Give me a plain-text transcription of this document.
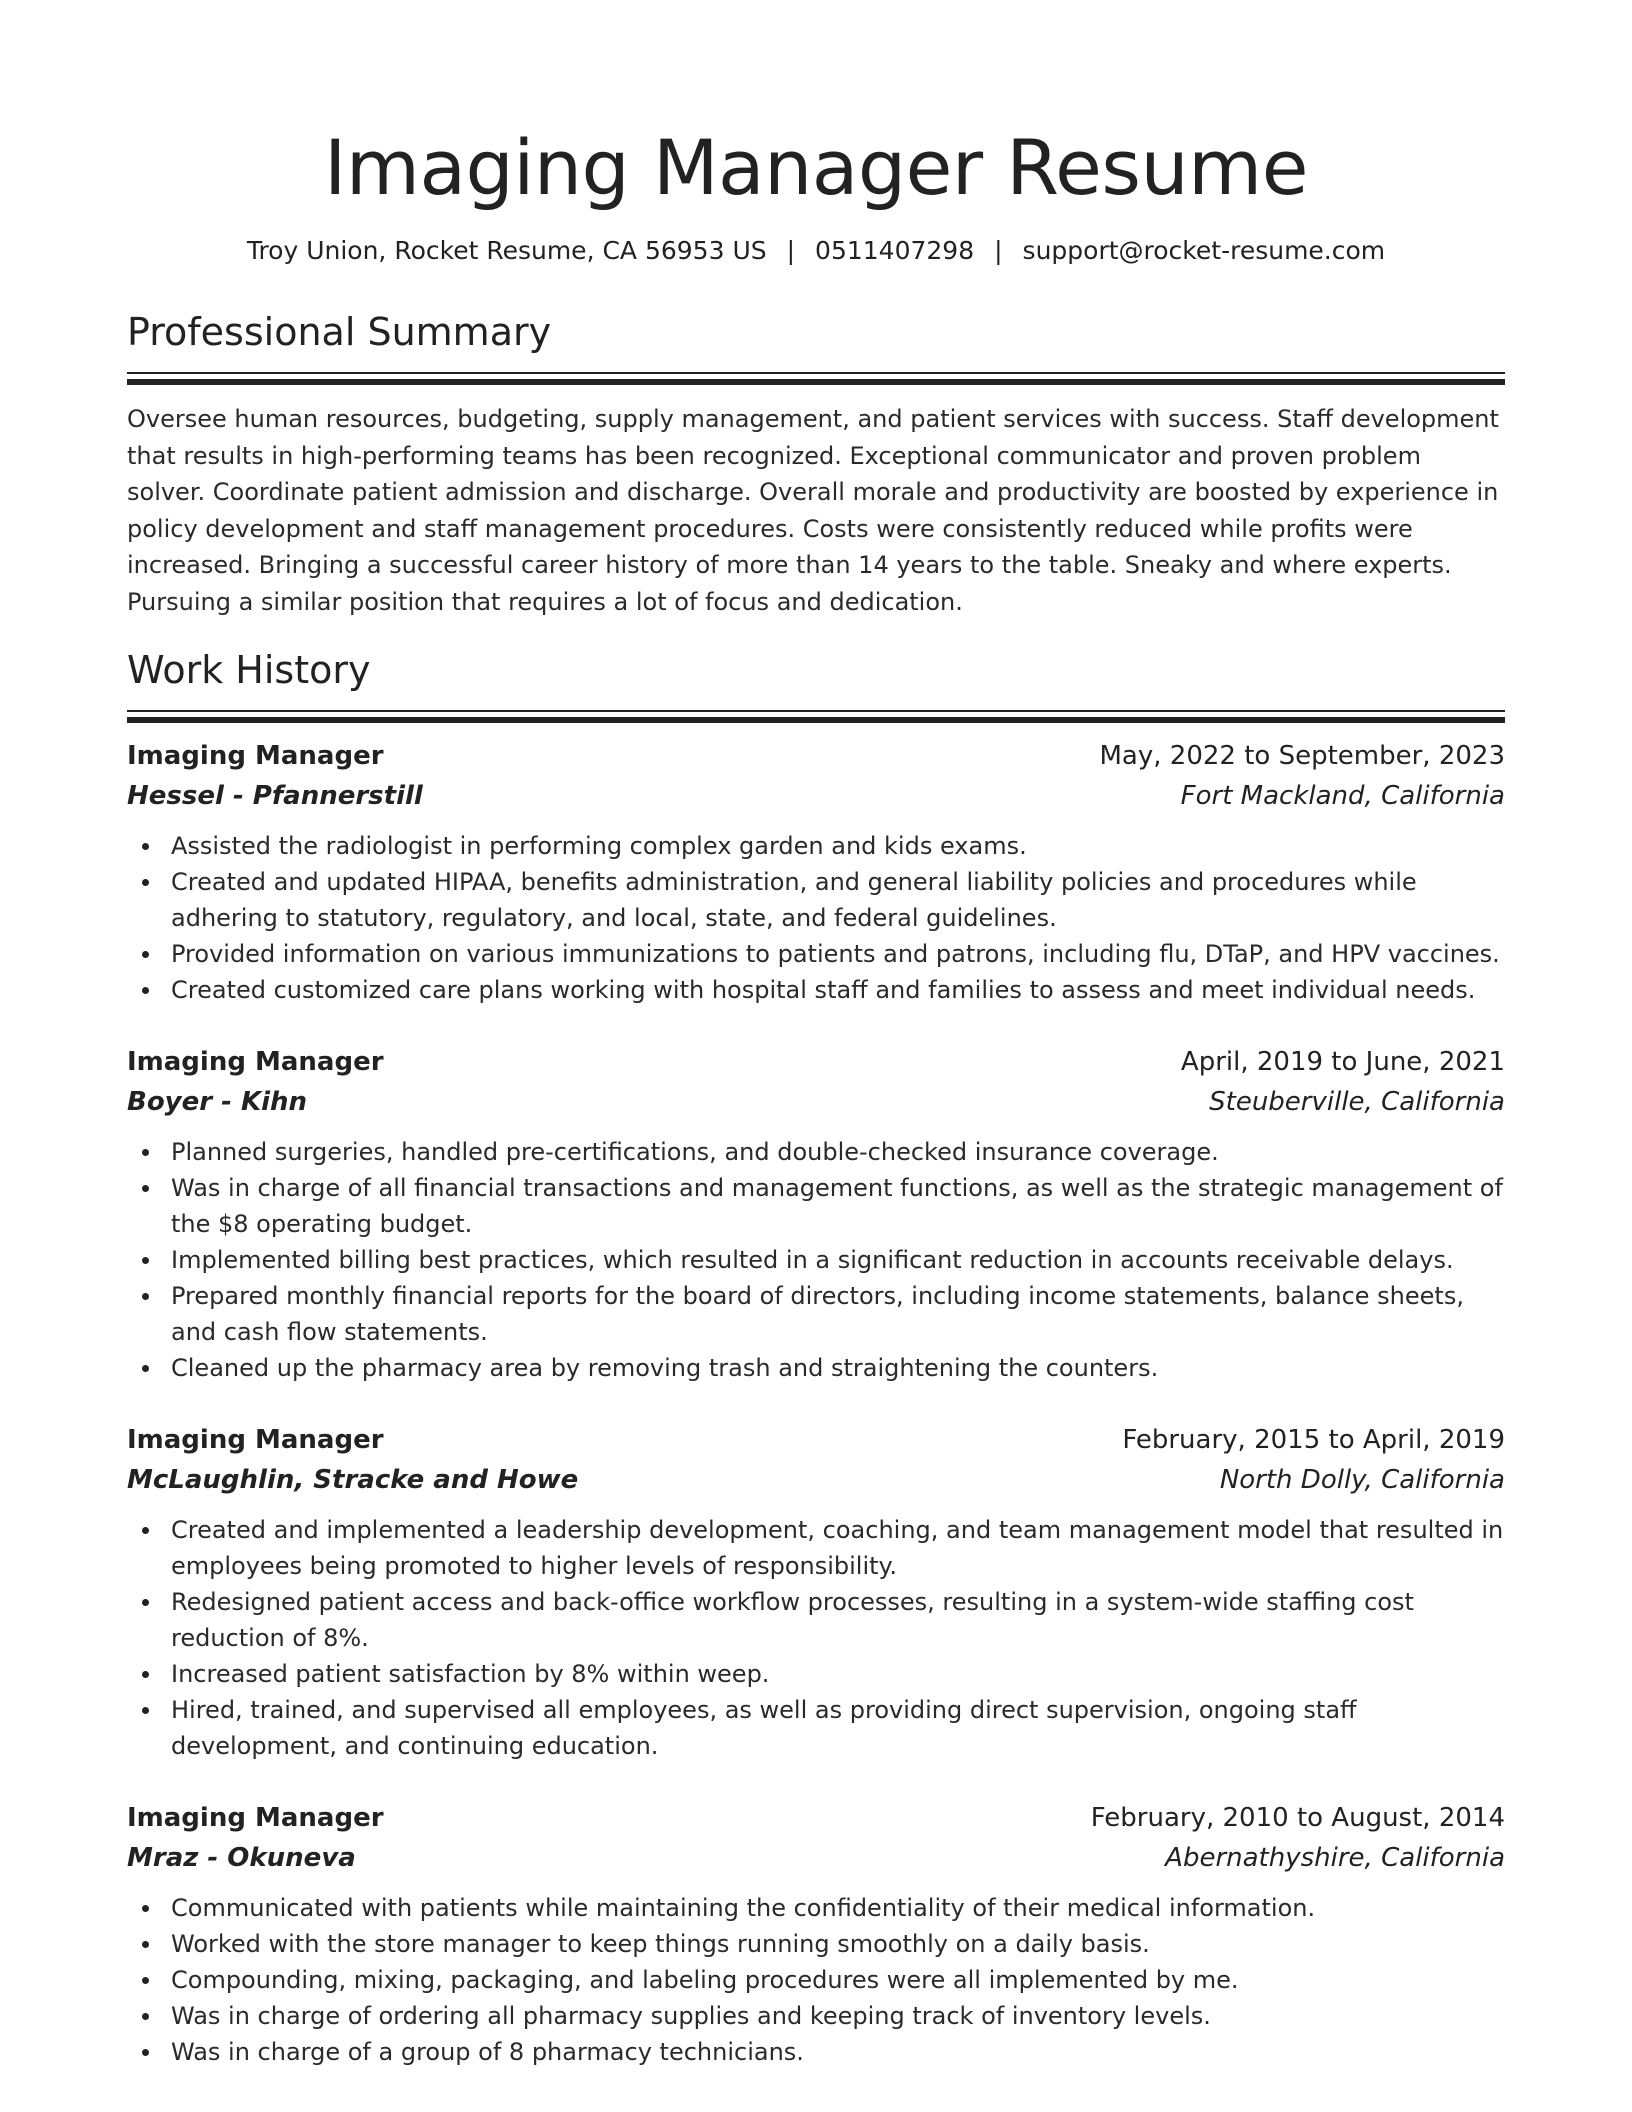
Imaging Manager Resume
Troy Union, Rocket Resume, CA 56953 US | 0511407298 | support@rocket-resume.com
Professional Summary

Oversee human resources, budgeting, supply management, and patient services with success. Staff development that results in high-performing teams has been recognized. Exceptional communicator and proven problem solver. Coordinate patient admission and discharge. Overall morale and productivity are boosted by experience in policy development and staff management procedures. Costs were consistently reduced while profits were increased. Bringing a successful career history of more than 14 years to the table. Sneaky and where experts. Pursuing a similar position that requires a lot of focus and dedication.

Work History
Imaging Manager	May, 2022 to September, 2023
Hessel - Pfannerstill	Fort Mackland, California
Assisted the radiologist in performing complex garden and kids exams.
Created and updated HIPAA, benefits administration, and general liability policies and procedures while adhering to statutory, regulatory, and local, state, and federal guidelines.
Provided information on various immunizations to patients and patrons, including flu, DTaP, and HPV vaccines.
Created customized care plans working with hospital staff and families to assess and meet individual needs.
Imaging Manager	April, 2019 to June, 2021
Boyer - Kihn	Steuberville, California
Planned surgeries, handled pre-certifications, and double-checked insurance coverage.
Was in charge of all financial transactions and management functions, as well as the strategic management of the $8 operating budget.
Implemented billing best practices, which resulted in a significant reduction in accounts receivable delays.
Prepared monthly financial reports for the board of directors, including income statements, balance sheets, and cash flow statements.
Cleaned up the pharmacy area by removing trash and straightening the counters.
Imaging Manager	February, 2015 to April, 2019
McLaughlin, Stracke and Howe	North Dolly, California
Created and implemented a leadership development, coaching, and team management model that resulted in employees being promoted to higher levels of responsibility.
Redesigned patient access and back-office workflow processes, resulting in a system-wide staffing cost reduction of 8%.
Increased patient satisfaction by 8% within weep.
Hired, trained, and supervised all employees, as well as providing direct supervision, ongoing staff development, and continuing education.
Imaging Manager	February, 2010 to August, 2014
Mraz - Okuneva	Abernathyshire, California
Communicated with patients while maintaining the confidentiality of their medical information.
Worked with the store manager to keep things running smoothly on a daily basis.
Compounding, mixing, packaging, and labeling procedures were all implemented by me.
Was in charge of ordering all pharmacy supplies and keeping track of inventory levels.
Was in charge of a group of 8 pharmacy technicians.
